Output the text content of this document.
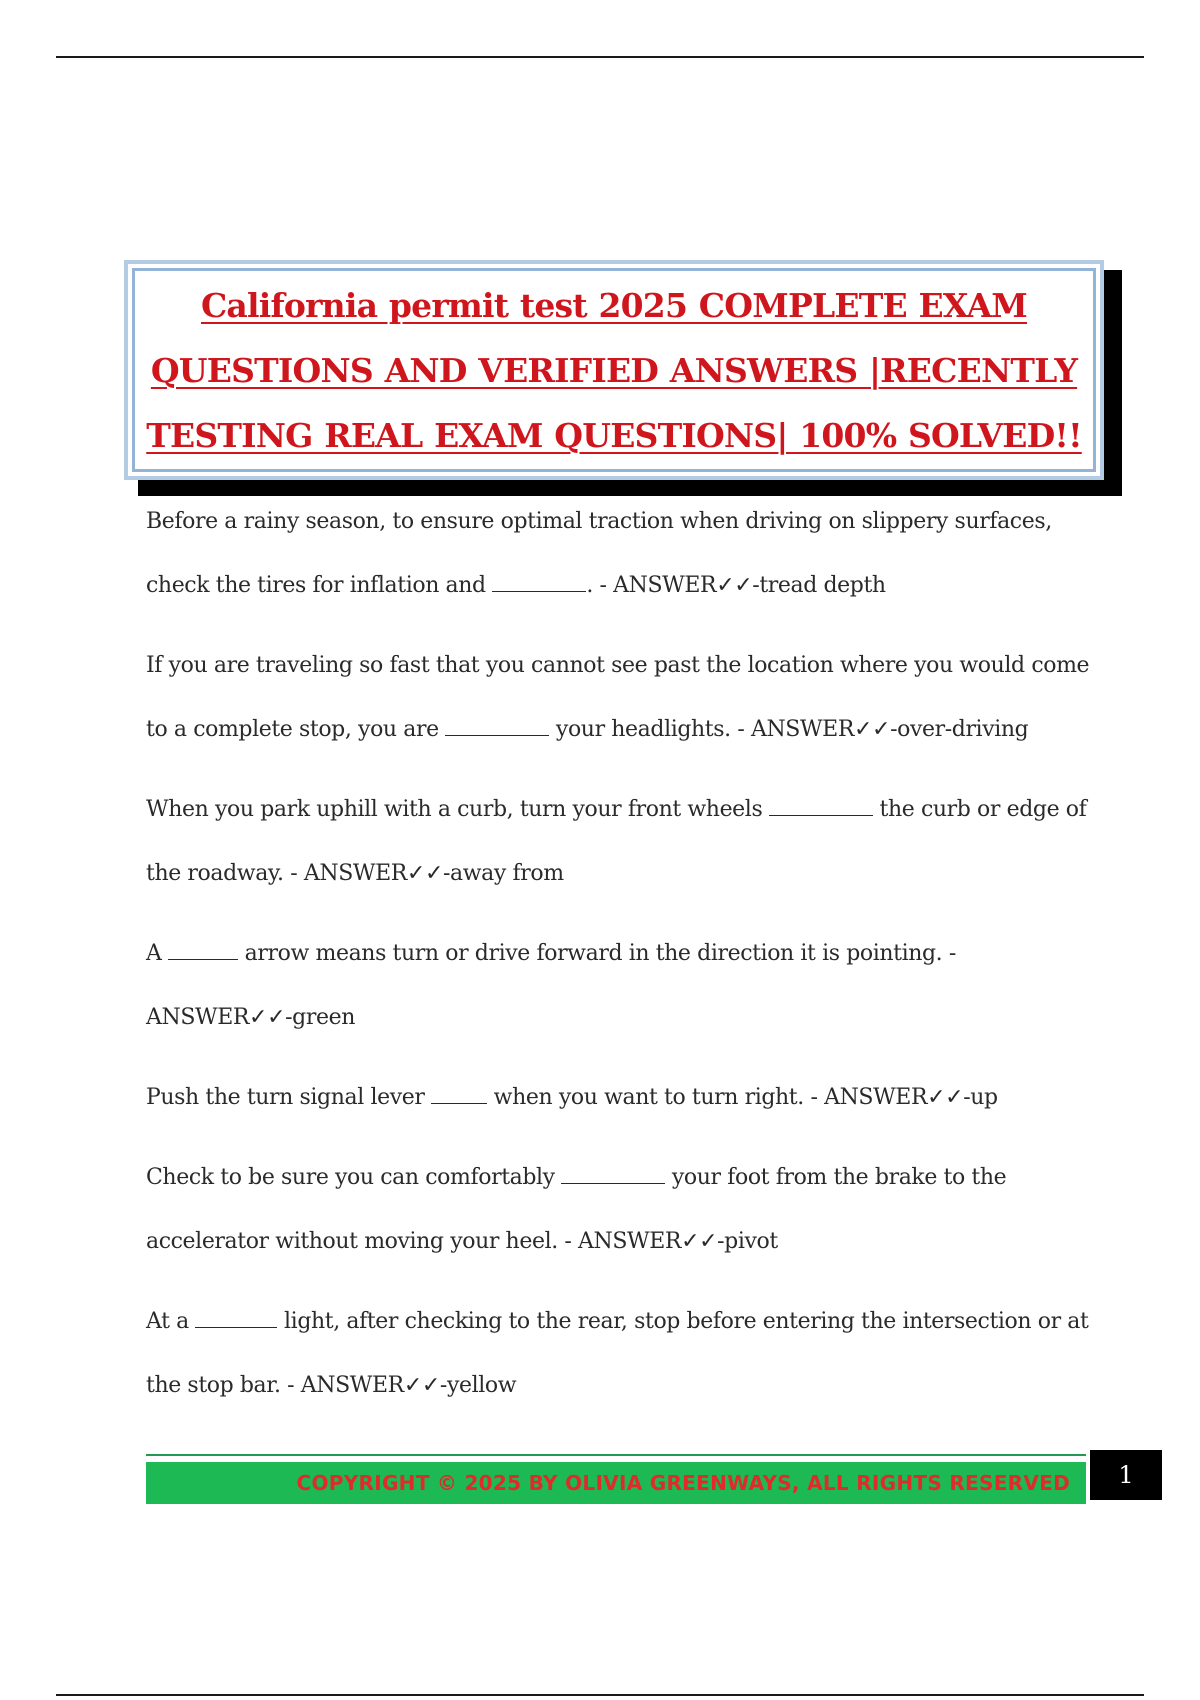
California permit test 2025 COMPLETE EXAM QUESTIONS AND VERIFIED ANSWERS |RECENTLY TESTING REAL EXAM QUESTIONS| 100% SOLVED!!

Before a rainy season, to ensure optimal traction when driving on slippery surfaces, check the tires for inflation and	. - ANSWER✓✓-tread depth

If you are traveling so fast that you cannot see past the location where you would come to a complete stop, you are	your headlights. - ANSWER✓✓-over-driving

When you park uphill with a curb, turn your front wheels	the curb or edge of the roadway. - ANSWER✓✓-away from

A	arrow means turn or drive forward in the direction it is pointing. - ANSWER✓✓-green

Push the turn signal lever	when you want to turn right. - ANSWER✓✓-up

Check to be sure you can comfortably	your foot from the brake to the accelerator without moving your heel. - ANSWER✓✓-pivot

At a	light, after checking to the rear, stop before entering the intersection or at the stop bar. - ANSWER✓✓-yellow

COPYRIGHT © 2025 BY OLIVIA GREENWAYS, ALL RIGHTS RESERVED 1
